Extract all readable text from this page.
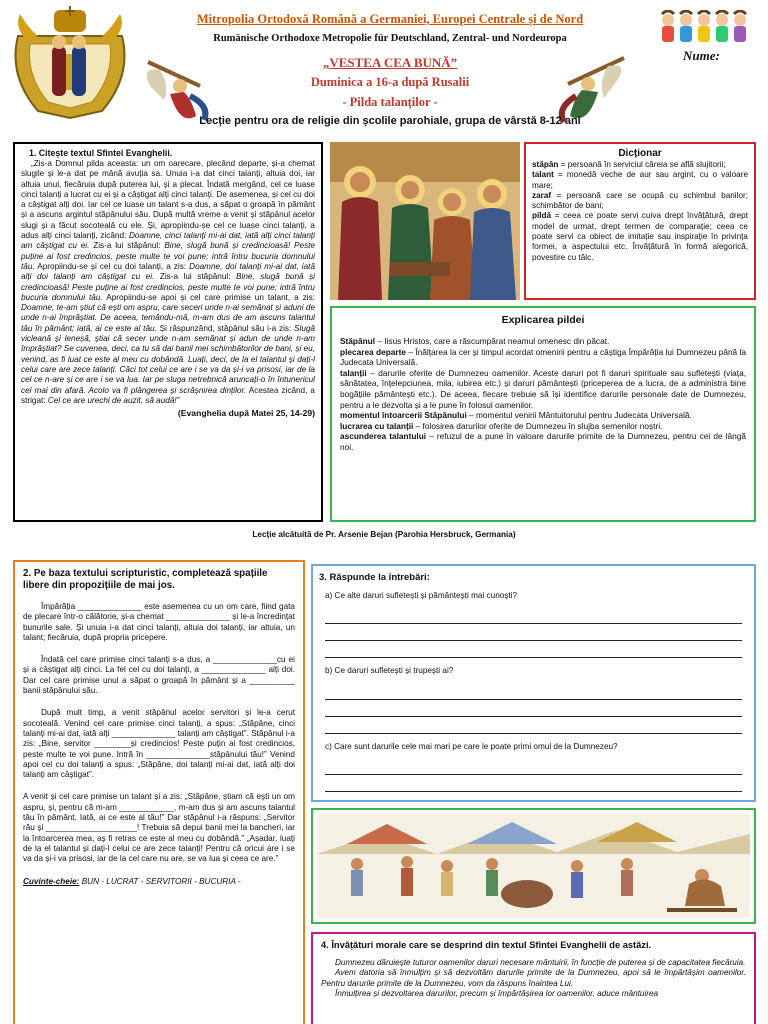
Nume:
Mitropolia Ortodoxă Română a Germaniei, Europei Centrale și de Nord
Rumänische Orthodoxe Metropolie für Deutschland, Zentral- und Nordeuropa
„VESTEA CEA BUNĂ”
Duminica a 16-a după Rusalii
- Pilda talanților -
Lecție pentru ora de religie din școlile parohiale, grupa de vârstă 8-12 ani
1. Citește textul Sfintei Evanghelii.

„Zis-a Domnul pilda aceasta: un om oarecare, plecând departe, și-a chemat slugile și le-a dat pe mână avuția sa. Unuia i-a dat cinci talanți, altuia doi, iar altuia unul, fiecăruia după puterea lui, și a plecat. Îndată mergând, cel ce luase cinci talanți a lucrat cu ei și a câștigat alți cinci talanți. De asemenea, și cel cu doi a câștigat alți doi. Iar cel ce luase un talant s-a dus, a săpat o groapă în pământ și a ascuns argintul stăpânului său. După multă vreme a venit și stăpânul acelor slugi și a făcut socoteală cu ele. Și, apropiindu-se cel ce luase cinci talanți, a adus alți cinci talanți, zicând: Doamne, cinci talanți mi-ai dat, iată alți cinci talanți am câștigat cu ei. Zis-a lui stăpânul: Bine, slugă bună și credincioasă! Peste puține ai fost credincios, peste multe te voi pune; intră întru bucuria domnului tău. Apropiindu-se și cel cu doi talanți, a zis: Doamne, doi talanți mi-ai dat, iată alți doi talanți am câștigat cu ei. Zis-a lui stăpânul: Bine, slugă bună și credincioasă! Peste puține ai fost credincios, peste multe te voi pune; intră întru bucuria domnului tău. Apropiindu-se apoi și cel care primise un talant, a zis: Doamne, te-am știut că ești om aspru, care seceri unde n-ai semănat și aduni de unde n-ai împrăștiat. De aceea, temându-mă, m-am dus de am ascuns talantul tău în pământ; iată, ai ce este al tău. Și răspunzând, stăpânul său i-a zis: Slugă vicleană și leneșă, știai că secer unde n-am semănat și adun de unde n-am împrăștiat? Se cuvenea, deci, ca tu să dai banii mei schimbătorilor de bani, și eu, venind, as fi luat ce este al meu cu dobândă. Luați, deci, de la el talantul și dați-l celui care are zece talanți. Căci tot celui ce are i se va da și-i va prisosi, iar de la cel ce n-are și ce are i se va lua. Iar pe sluga netrebnică aruncați-o în întunericul cel mai din afară. Acolo va fi plângerea și scrâșnirea dinților. Acestea zicând, a strigat: Cel ce are urechi de auzit, să audă!”

(Evanghelia după Matei 25, 14-29)
Dicționar

stăpân = persoană în serviciul căreia se află slujitorii;

talant = monedă veche de aur sau argint, cu o valoare mare;

zaraf = persoană care se ocupă cu schimbul banilor; schimbător de bani;

pildă = ceea ce poate servi cuiva drept învățătură, drept model de urmat, drept termen de comparație; ceea ce poate servi ca obiect de imitație sau inspirație în privința formei, a aspectului etc. Învățătură în formă alegorică, povestire cu tâlc.

Explicarea pildei

Stăpânul – Iisus Hristos, care a răscumpărat neamul omenesc din păcat.

plecarea departe – Înălțarea la cer și timpul acordat omenirii pentru a câștiga Împărăția lui Dumnezeu până la Judecata Universală.

talanții – darurile oferite de Dumnezeu oamenilor. Aceste daruri pot fi daruri spirituale sau sufletești (viața, sănătatea, înțelepciunea, mila, iubirea etc.) și daruri pământești (priceperea de a lucra, de a administra bine bogățiile pământești etc.). De aceea, fiecare trebuie să își identifice darurile personale date de Dumnezeu, pentru a le dezvolta și a le pune în folosul oamenilor.

momentul întoarcerii Stăpânului – momentul venirii Mântuitorului pentru Judecata Universală.

lucrarea cu talanții – folosirea darurilor oferite de Dumnezeu în slujba semenilor noștri.

ascunderea talantului – refuzul de a pune în valoare darurile primite de la Dumnezeu, pentru cei de lângă noi.

Lecție alcătuită de Pr. Arsenie Bejan (Parohia Hersbruck, Germania)
2. Pe baza textului scripturistic, completează spațiile libere din propozițiile de mai jos.

Împărăția ______________ este asemenea cu un om care, fiind gata de plecare într-o călătorie, și-a chemat ______________ și le-a încredințat bunurile sale. Și unuia i-a dat cinci talanți, altuia doi talanți, iar altuia, un talant; fiecăruia, după propria pricepere.

Îndată cel care primise cinci talanți s-a dus, a ______________cu ei și a câștigat alți cinci. La fel cel cu doi talanți, a ______________ alți doi. Dar cel care primise unul a săpat o groapă în pământ și a __________ banii stăpânului său.

După mult timp, a venit stăpânul acelor servitori și le-a cerut socoteală. Venind cel care primise cinci talanți, a spus: „Stăpâne, cinci talanți mi-ai dat, iată alți ______________ talanți am câștigat”. Stăpânul i-a zis: „Bine, servitor ________și credincios! Peste puțin ai fost credincios, peste multe te voi pune. Intră în ______________stăpânului tău!” Venind apoi cel cu doi talanți a spus: „Stăpâne, doi talanți mi-ai dat, iată alți doi talanți am câștigat”.

A venit și cel care primise un talant și a zis: „Stăpâne, știam că ești un om aspru, și, pentru că m-am ____________, m-am dus și am ascuns talantul tău în pământ. Iată, ai ce este al tău!” Dar stăpânul i-a răspuns: „Servitor rău și ____________________! Trebuia să depui banii mei la bancheri, iar la întoarcerea mea, aș fi retras ce este al meu cu dobândă.” „Așadar, luați de la el talantul și dați-l celui ce are zece talanți! Pentru că oricui are i se va da și-i va prisosi, iar de la cel care nu are, se va lua și ceea ce are.”

Cuvinte-cheie: BUN - LUCRAT - SERVITORII - BUCURIA -

3. Răspunde la întrebări:
a) Ce alte daruri sufletești și pământești mai cunoști?
b) Ce daruri sufletești și trupești ai?
c) Care sunt darurile cele mai mari pe care le poate primi omul de la Dumnezeu?
4. Învățături morale care se desprind din textul Sfintei Evanghelii de astăzi.

Dumnezeu dăruiește tuturor oamenilor daruri necesare mântuirii, în funcție de puterea și de capacitatea fiecăruia.

Avem datoria să înmulțim și să dezvoltăm darurile primite de la Dumnezeu, apoi să le împărtășim oamenilor. Pentru darurile primite de la Dumnezeu, vom da răspuns înaintea Lui.

Înmulțirea și dezvoltarea darurilor, precum și împărtășirea lor oamenilor, aduce mântuirea
